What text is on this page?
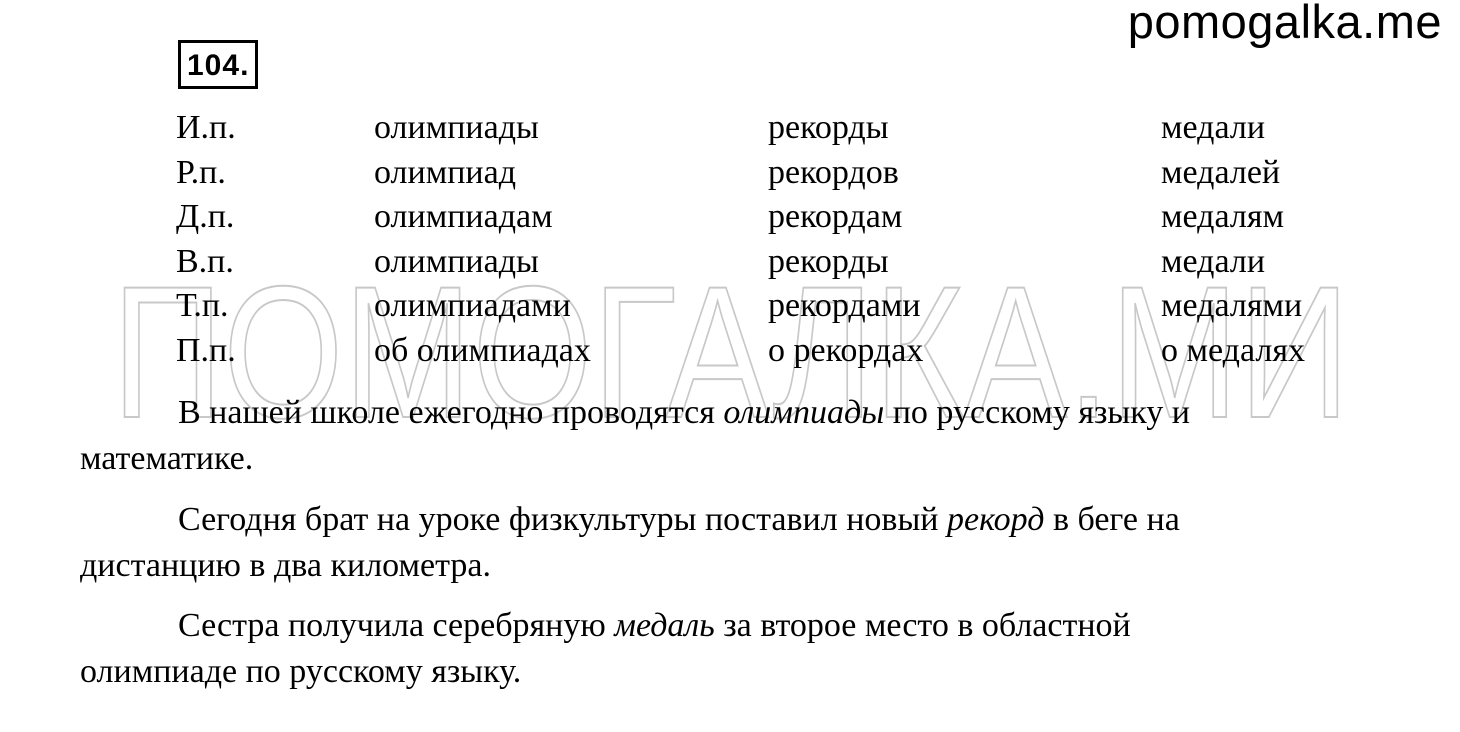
ПОМОГАЛКА.МИ
pomogalka.me
104.
И.п.	олимпиады	рекорды	медали
Р.п.	олимпиад	рекордов	медалей
Д.п.	олимпиадам	рекордам	медалям
В.п.	олимпиады	рекорды	медали
Т.п.	олимпиадами	рекордами	медалями
П.п.	об олимпиадах	о рекордах	о медалях
В нашей школе ежегодно проводятся олимпиады по русскому языку и
математике.
Сегодня брат на уроке физкультуры поставил новый рекорд в беге на
дистанцию в два километра.
Сестра получила серебряную медаль за второе место в областной
олимпиаде по русскому языку.
